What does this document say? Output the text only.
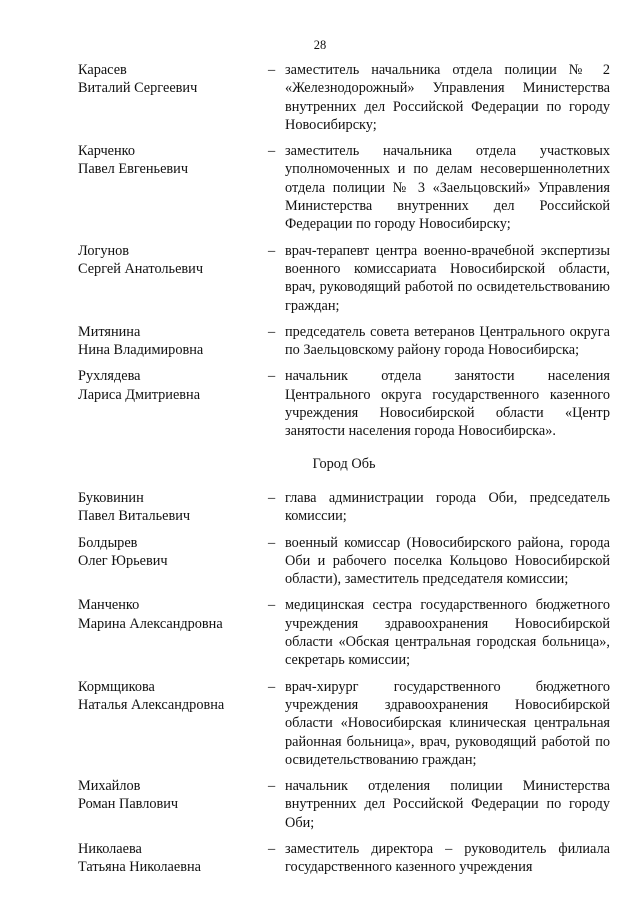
28
Карасев
Виталий Сергеевич
– заместитель начальника отдела полиции № 2 «Железнодорожный» Управления Министерства внутренних дел Российской Федерации по городу Новосибирску;
Карченко
Павел Евгеньевич
– заместитель начальника отдела участковых уполномоченных и по делам несовершеннолетних отдела полиции № 3 «Заельцовский» Управления Министерства внутренних дел Российской Федерации по городу Новосибирску;
Логунов
Сергей Анатольевич
– врач-терапевт центра военно-врачебной экспертизы военного комиссариата Новосибирской области, врач, руководящий работой по освидетельствованию граждан;
Митянина
Нина Владимировна
– председатель совета ветеранов Центрального округа по Заельцовскому району города Новосибирска;
Рухлядева
Лариса Дмитриевна
– начальник отдела занятости населения Центрального округа государственного казенного учреждения Новосибирской области «Центр занятости населения города Новосибирска».
Город Обь
Буковинин
Павел Витальевич
– глава администрации города Оби, председатель комиссии;
Болдырев
Олег Юрьевич
– военный комиссар (Новосибирского района, города Оби и рабочего поселка Кольцово Новосибирской области), заместитель председателя комиссии;
Манченко
Марина Александровна
– медицинская сестра государственного бюджетного учреждения здравоохранения Новосибирской области «Обская центральная городская больница», секретарь комиссии;
Кормщикова
Наталья Александровна
– врач-хирург государственного бюджетного учреждения здравоохранения Новосибирской области «Новосибирская клиническая центральная районная больница», врач, руководящий работой по освидетельствованию граждан;
Михайлов
Роман Павлович
– начальник отделения полиции Министерства внутренних дел Российской Федерации по городу Оби;
Николаева
Татьяна Николаевна
– заместитель директора – руководитель филиала государственного казенного учреждения
